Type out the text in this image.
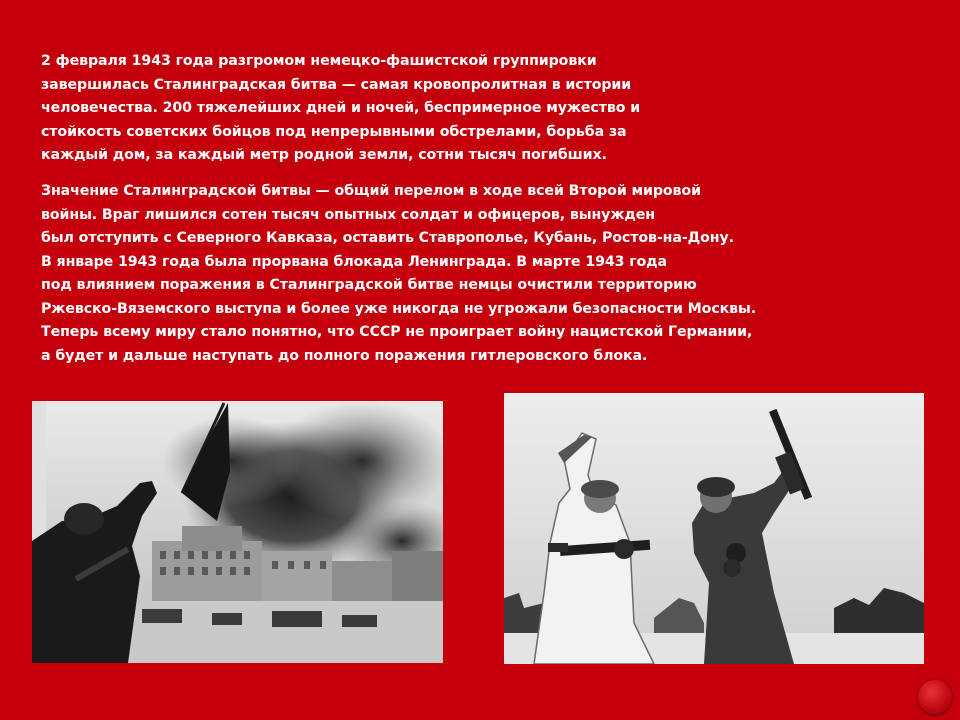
2 февраля 1943 года разгромом немецко-фашистской группировки
завершилась Сталинградская битва — самая кровопролитная в истории
человечества. 200 тяжелейших дней и ночей, беспримерное мужество и
стойкость советских бойцов под непрерывными обстрелами, борьба за
каждый дом, за каждый метр родной земли, сотни тысяч погибших.
Значение Сталинградской битвы — общий перелом в ходе всей Второй мировой
войны. Враг лишился сотен тысяч опытных солдат и офицеров, вынужден
был отступить с Северного Кавказа, оставить Ставрополье, Кубань, Ростов-на-Дону.
В январе 1943 года была прорвана блокада Ленинграда. В марте 1943 года
под влиянием поражения в Сталинградской битве немцы очистили территорию
Ржевско-Вяземского выступа и более уже никогда не угрожали безопасности Москвы.
Теперь всему миру стало понятно, что СССР не проиграет войну нацистской Германии,
а будет и дальше наступать до полного поражения гитлеровского блока.
